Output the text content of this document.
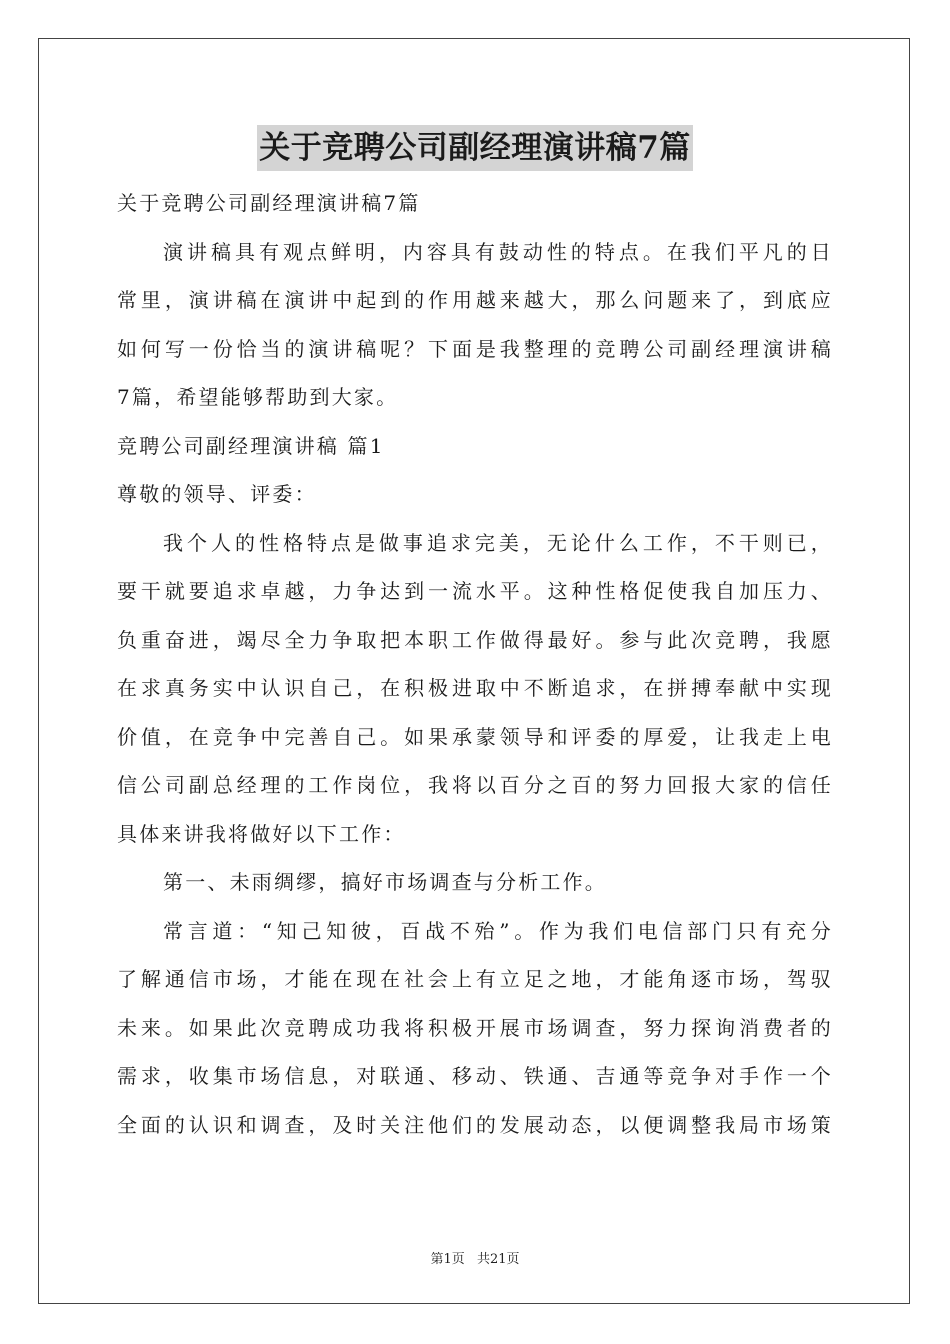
关于竞聘公司副经理演讲稿7篇
关于竞聘公司副经理演讲稿7篇
演讲稿具有观点鲜明，内容具有鼓动性的特点。在我们平凡的日
常里，演讲稿在演讲中起到的作用越来越大，那么问题来了，到底应
如何写一份恰当的演讲稿呢？下面是我整理的竞聘公司副经理演讲稿
7篇，希望能够帮助到大家。
竞聘公司副经理演讲稿 篇1
尊敬的领导、评委：
我个人的性格特点是做事追求完美，无论什么工作，不干则已，
要干就要追求卓越，力争达到一流水平。这种性格促使我自加压力、
负重奋进，竭尽全力争取把本职工作做得最好。参与此次竞聘，我愿
在求真务实中认识自己，在积极进取中不断追求，在拼搏奉献中实现
价值，在竞争中完善自己。如果承蒙领导和评委的厚爱，让我走上电
信公司副总经理的工作岗位，我将以百分之百的努力回报大家的信任
具体来讲我将做好以下工作：
第一、未雨绸缪，搞好市场调查与分析工作。
常言道：“知己知彼，百战不殆”。作为我们电信部门只有充分
了解通信市场，才能在现在社会上有立足之地，才能角逐市场，驾驭
未来。如果此次竞聘成功我将积极开展市场调查，努力探询消费者的
需求，收集市场信息，对联通、移动、铁通、吉通等竞争对手作一个
全面的认识和调查，及时关注他们的发展动态，以便调整我局市场策
第1页 共21页
